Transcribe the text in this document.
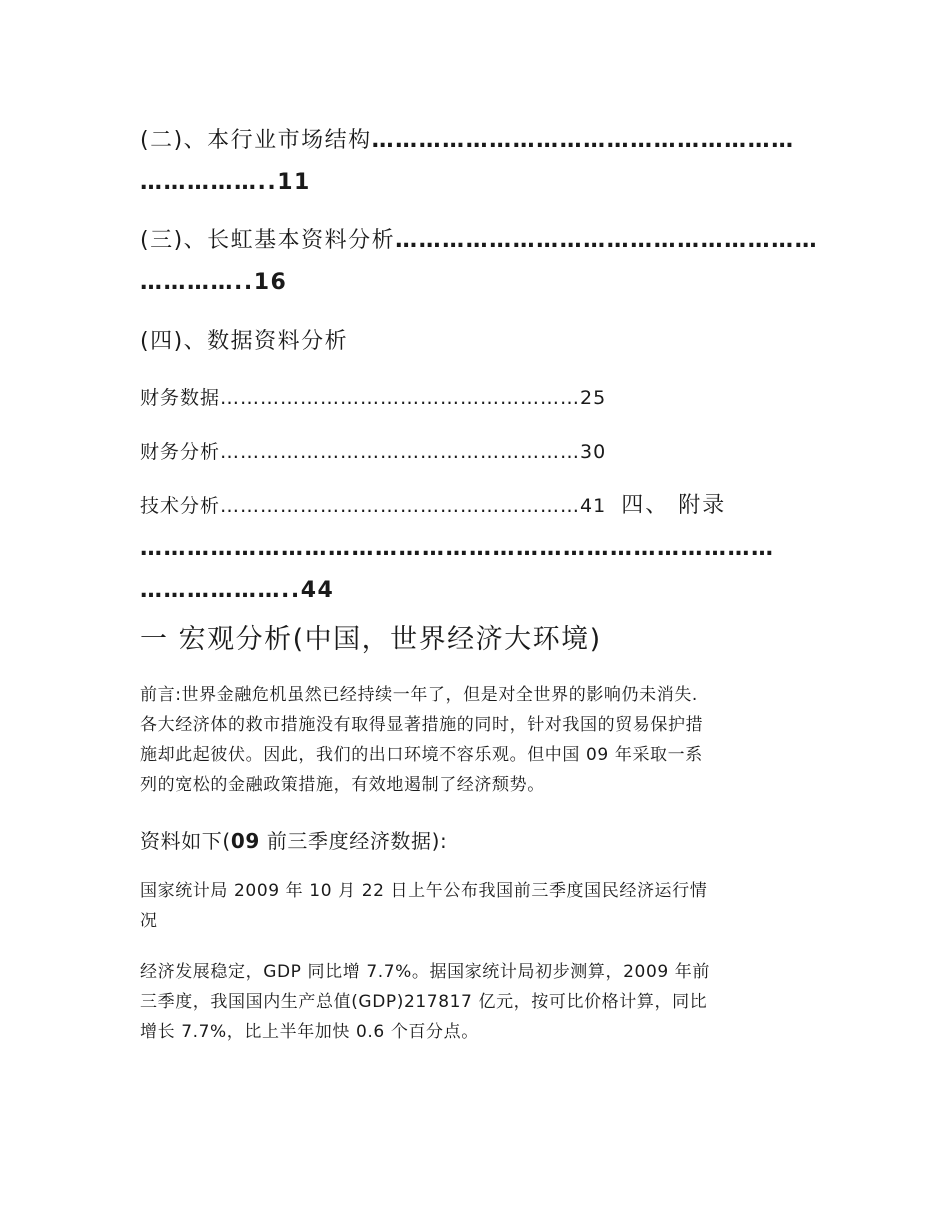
(二)、本行业市场结构………………………………………………
……………..11
(三)、长虹基本资料分析………………………………………………
…………..16
(四)、数据资料分析
财务数据………………………………………………25
财务分析………………………………………………30
技术分析………………………………………………41 四、 附录
………………………………………………………………………
………………..44
一 宏观分析(中国，世界经济大环境)
前言:世界金融危机虽然已经持续一年了，但是对全世界的影响仍未消失.
各大经济体的救市措施没有取得显著措施的同时，针对我国的贸易保护措
施却此起彼伏。因此，我们的出口环境不容乐观。但中国 09 年采取一系
列的宽松的金融政策措施，有效地遏制了经济颓势。
资料如下(09 前三季度经济数据):
国家统计局 2009 年 10 月 22 日上午公布我国前三季度国民经济运行情
况
经济发展稳定，GDP 同比增 7.7%。据国家统计局初步测算，2009 年前
三季度，我国国内生产总值(GDP)217817 亿元，按可比价格计算，同比
增长 7.7%，比上半年加快 0.6 个百分点。
